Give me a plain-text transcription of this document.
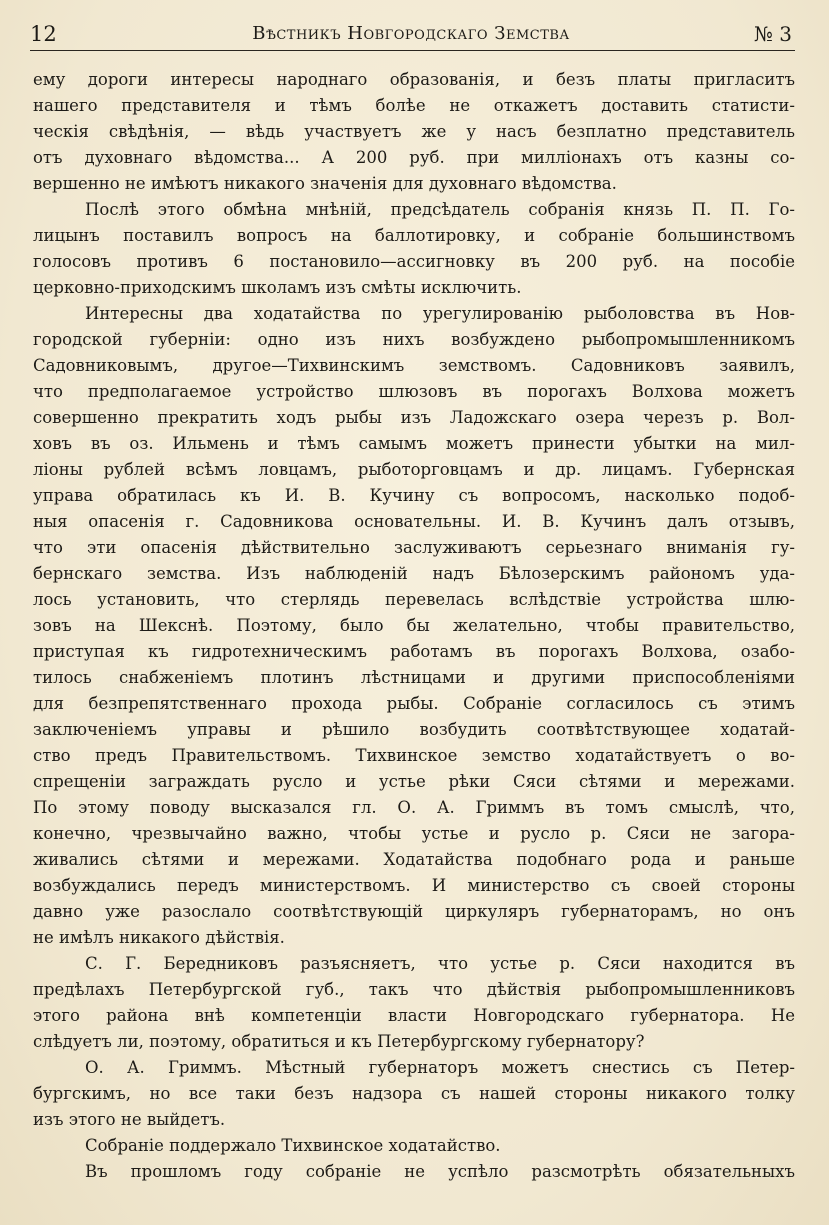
12	Вѣстникъ Новгородскаго Земства	№ 3
ему дороги интересы народнаго образованія, и безъ платы пригласитъ
нашего представителя и тѣмъ болѣе не откажетъ доставить статисти-
ческія свѣдѣнія, — вѣдь участвуетъ же у насъ безплатно представитель
отъ духовнаго вѣдомства... А 200 руб. при милліонахъ отъ казны со-
вершенно не имѣютъ никакого значенія для духовнаго вѣдомства.
Послѣ этого обмѣна мнѣній, предсѣдатель собранія князь П. П. Го-
лицынъ поставилъ вопросъ на баллотировку, и собраніе большинствомъ
голосовъ противъ 6 постановило—ассигновку въ 200 руб. на пособіе
церковно-приходскимъ школамъ изъ смѣты исключить.
Интересны два ходатайства по урегулированію рыболовства въ Нов-
городской губерніи: одно изъ нихъ возбуждено рыбопромышленникомъ
Садовниковымъ, другое—Тихвинскимъ земствомъ. Садовниковъ заявилъ,
что предполагаемое устройство шлюзовъ въ порогахъ Волхова можетъ
совершенно прекратить ходъ рыбы изъ Ладожскаго озера черезъ р. Вол-
ховъ въ оз. Ильмень и тѣмъ самымъ можетъ принести убытки на мил-
ліоны рублей всѣмъ ловцамъ, рыботорговцамъ и др. лицамъ. Губернская
управа обратилась къ И. В. Кучину съ вопросомъ, насколько подоб-
ныя опасенія г. Садовникова основательны. И. В. Кучинъ далъ отзывъ,
что эти опасенія дѣйствительно заслуживаютъ серьезнаго вниманія гу-
бернскаго земства. Изъ наблюденій надъ Бѣлозерскимъ райономъ уда-
лось установить, что стерлядь перевелась вслѣдствіе устройства шлю-
зовъ на Шекснѣ. Поэтому, было бы желательно, чтобы правительство,
приступая къ гидротехническимъ работамъ въ порогахъ Волхова, озабо-
тилось снабженіемъ плотинъ лѣстницами и другими приспособленіями
для безпрепятственнаго прохода рыбы. Собраніе согласилось съ этимъ
заключеніемъ управы и рѣшило возбудить соотвѣтствующее ходатай-
ство предъ Правительствомъ. Тихвинское земство ходатайствуетъ о во-
спрещеніи заграждать русло и устье рѣки Сяси сѣтями и мережами.
По этому поводу высказался гл. О. А. Гриммъ въ томъ смыслѣ, что,
конечно, чрезвычайно важно, чтобы устье и русло р. Сяси не загора-
живались сѣтями и мережами. Ходатайства подобнаго рода и раньше
возбуждались передъ министерствомъ. И министерство съ своей стороны
давно уже разослало соотвѣтствующій циркуляръ губернаторамъ, но онъ
не имѣлъ никакого дѣйствія.
С. Г. Бередниковъ разъясняетъ, что устье р. Сяси находится въ
предѣлахъ Петербургской губ., такъ что дѣйствія рыбопромышленниковъ
этого района внѣ компетенціи власти Новгородскаго губернатора. Не
слѣдуетъ ли, поэтому, обратиться и къ Петербургскому губернатору?
О. А. Гриммъ. Мѣстный губернаторъ можетъ снестись съ Петер-
бургскимъ, но все таки безъ надзора съ нашей стороны никакого толку
изъ этого не выйдетъ.
Собраніе поддержало Тихвинское ходатайство.
Въ прошломъ году собраніе не успѣло разсмотрѣть обязательныхъ
